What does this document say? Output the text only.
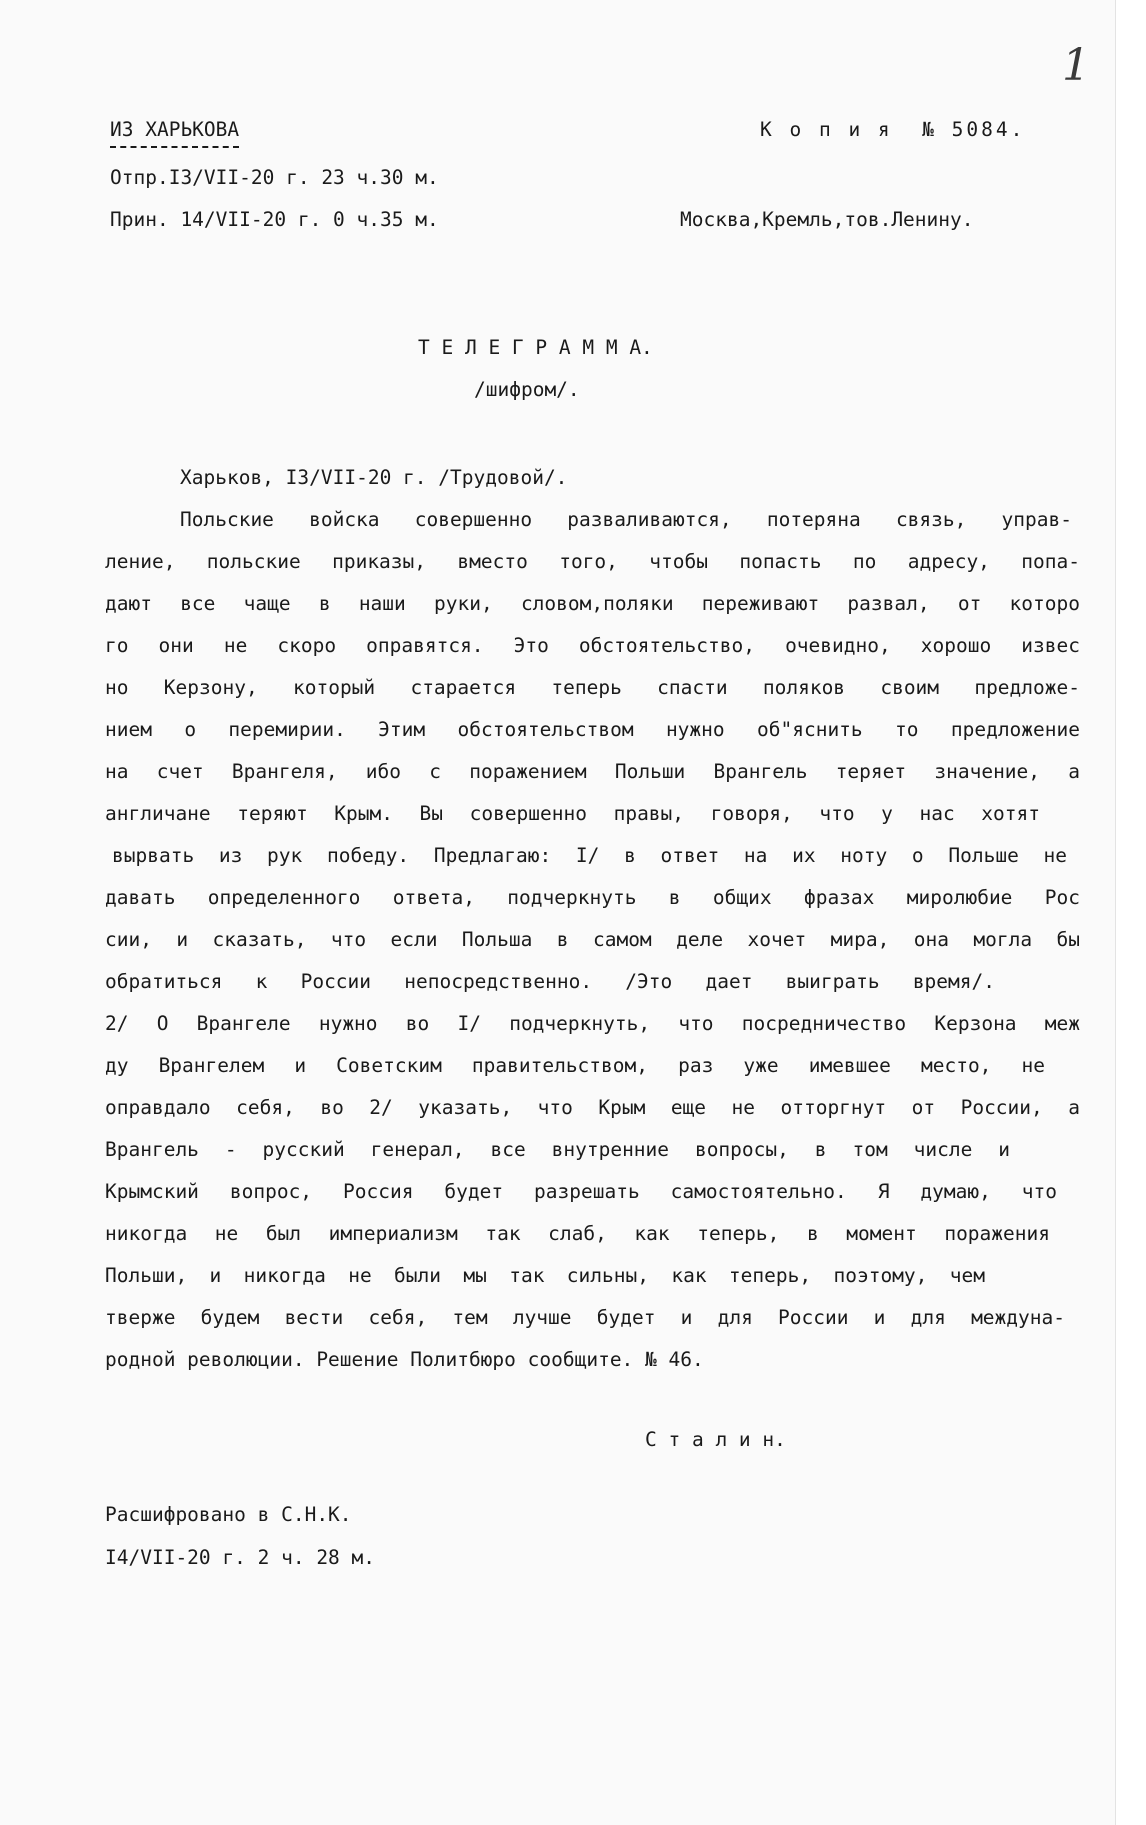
1
ИЗ ХАРЬКОВА	К о п и я  № 5084.
Отпр.I3/VII-20 г. 23 ч.30 м.
Прин. 14/VII-20 г. 0 ч.35 м.	Москва,Кремль,тов.Ленину.
Т Е Л Е Г Р А М М А.
/шифром/.
Харьков, I3/VII-20 г. /Трудовой/.
Польские войска совершенно разваливаются, потеряна связь, управ-
ление, польские приказы, вместо того, чтобы попасть по адресу, попа-
дают все чаще в наши руки, словом,поляки переживают развал, от которо
го они не скоро оправятся. Это обстоятельство, очевидно, хорошо извес
но Керзону, который старается теперь спасти поляков своим предложе-
нием о перемирии. Этим обстоятельством нужно об"яснить то предложение
на счет Врангеля, ибо с поражением Польши Врангель теряет значение, а
англичане теряют Крым. Вы совершенно правы, говоря, что у нас хотят
вырвать из рук победу. Предлагаю: I/ в ответ на их ноту о Польше не
давать определенного ответа, подчеркнуть в общих фразах миролюбие Рос
сии, и сказать, что если Польша в самом деле хочет мира, она могла бы
обратиться к России непосредственно. /Это дает выиграть время/.
2/ О Врангеле нужно во I/ подчеркнуть, что посредничество Керзона меж
ду Врангелем и Советским правительством, раз уже имевшее место, не
оправдало себя, во 2/ указать, что Крым еще не отторгнут от России, а
Врангель - русский генерал, все внутренние вопросы, в том числе и
Крымский вопрос, Россия будет разрешать самостоятельно. Я думаю, что
никогда не был империализм так слаб, как теперь, в момент поражения
Польши, и никогда не были мы так сильны, как теперь, поэтому, чем
тверже будем вести себя, тем лучше будет и для России и для междуна-
родной революции. Решение Политбюро сообщите. № 46.
С т а л и н.
Расшифровано в С.Н.К.
I4/VII-20 г. 2 ч. 28 м.
